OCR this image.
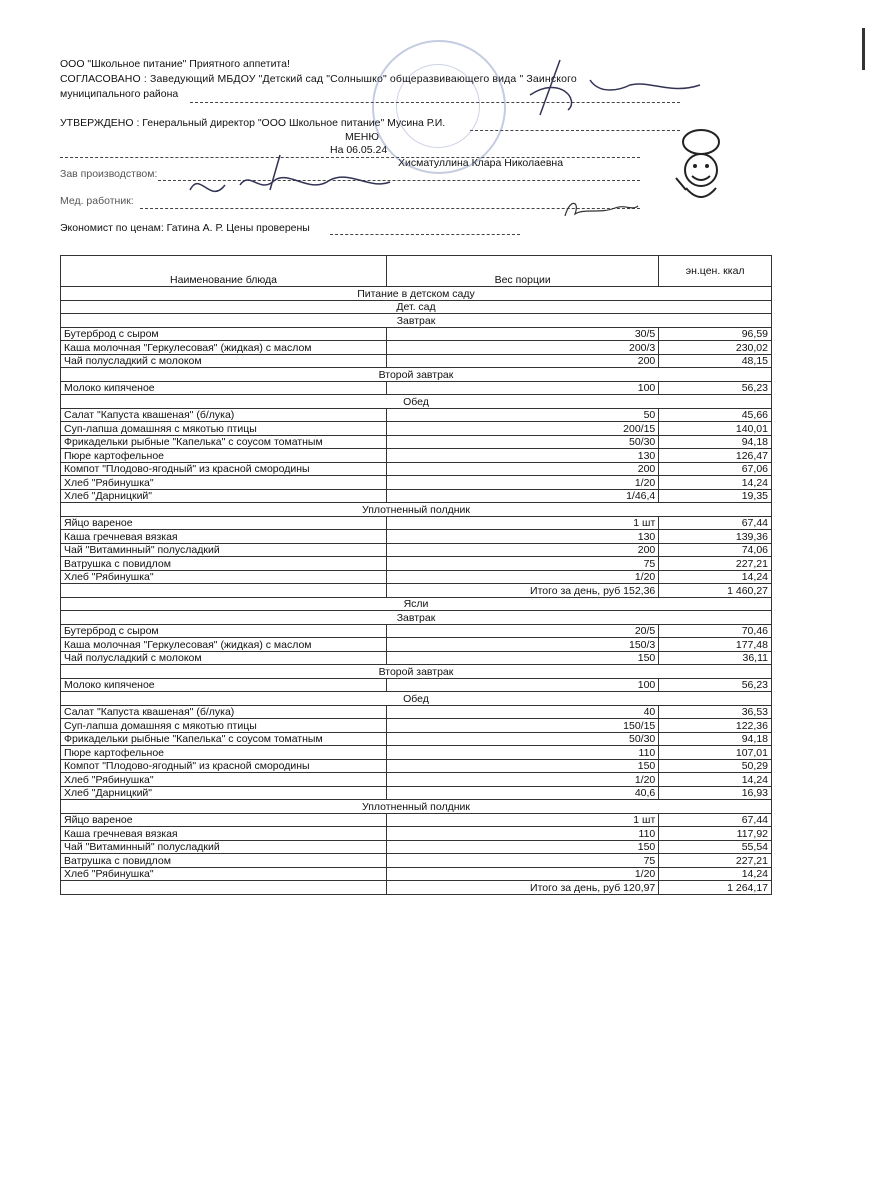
ООО "Школьное питание" Приятного аппетита!
СОГЛАСОВАНО : Заведующий МБДОУ "Детский сад "Солнышко" общеразвивающего вида " Заинского
муниципального района
УТВЕРЖДЕНО : Генеральный директор "ООО Школьное питание" Мусина Р.И.
МЕНЮ
На 06.05.24
Хисматуллина Клара Николаевна
Зав производством:
Мед. работник:
Экономист по ценам: Гатина А. Р. Цены проверены
Наименование блюда	Вес порции	эн.цен. ккал
Питание в детском саду		
Дет. сад		
Завтрак		
Бутерброд с сыром	30/5	96,59
Каша молочная "Геркулесовая" (жидкая) с маслом	200/3	230,02
Чай полусладкий с молоком	200	48,15
Второй завтрак		
Молоко кипяченое	100	56,23
Обед		
Салат "Капуста квашеная" (б/лука)	50	45,66
Суп-лапша домашняя с мякотью птицы	200/15	140,01
Фрикадельки рыбные "Капелька" с соусом томатным	50/30	94,18
Пюре картофельное	130	126,47
Компот "Плодово-ягодный" из красной смородины	200	67,06
Хлеб "Рябинушка"	1/20	14,24
Хлеб "Дарницкий"	1/46,4	19,35
Уплотненный полдник		
Яйцо вареное	1 шт	67,44
Каша гречневая вязкая	130	139,36
Чай "Витаминный" полусладкий	200	74,06
Ватрушка с повидлом	75	227,21
Хлеб "Рябинушка"	1/20	14,24
	Итого за день, руб 152,36	1 460,27
Ясли		
Завтрак		
Бутерброд с сыром	20/5	70,46
Каша молочная "Геркулесовая" (жидкая) с маслом	150/3	177,48
Чай полусладкий с молоком	150	36,11
Второй завтрак		
Молоко кипяченое	100	56,23
Обед		
Салат "Капуста квашеная" (б/лука)	40	36,53
Суп-лапша домашняя с мякотью птицы	150/15	122,36
Фрикадельки рыбные "Капелька" с соусом томатным	50/30	94,18
Пюре картофельное	110	107,01
Компот "Плодово-ягодный" из красной смородины	150	50,29
Хлеб "Рябинушка"	1/20	14,24
Хлеб "Дарницкий"	40,6	16,93
Уплотненный полдник		
Яйцо вареное	1 шт	67,44
Каша гречневая вязкая	110	117,92
Чай "Витаминный" полусладкий	150	55,54
Ватрушка с повидлом	75	227,21
Хлеб "Рябинушка"	1/20	14,24
	Итого за день, руб 120,97	1 264,17
